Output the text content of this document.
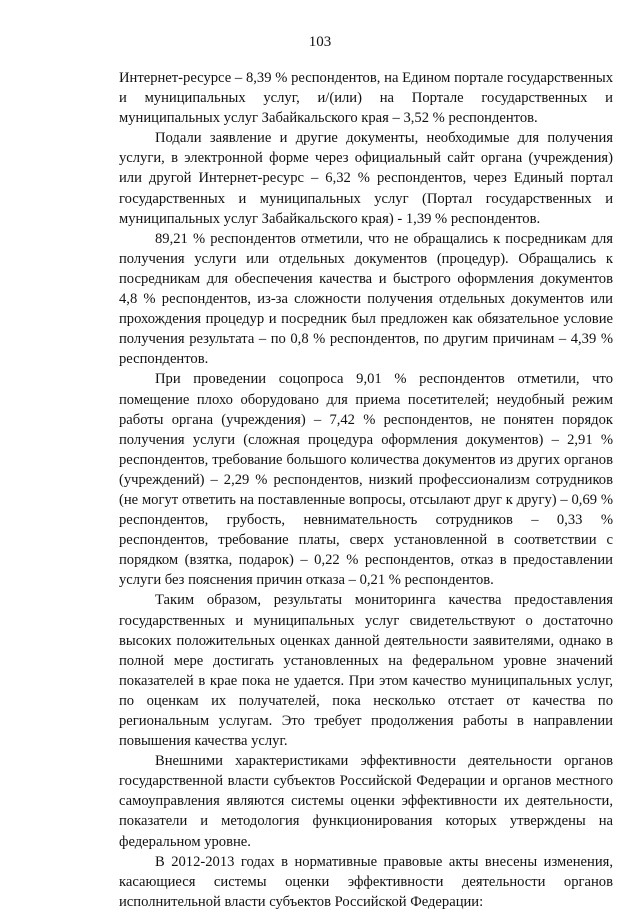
103

Интернет-ресурсе – 8,39 % респондентов, на Едином портале государственных и муниципальных услуг, и/(или) на Портале государственных и муниципальных услуг Забайкальского края – 3,52 % респондентов.

Подали заявление и другие документы, необходимые для получения услуги, в электронной форме через официальный сайт органа (учреждения) или другой Интернет-ресурс – 6,32 % респондентов, через Единый портал государственных и муниципальных услуг (Портал государственных и муниципальных услуг Забайкальского края) - 1,39 % респондентов.

89,21 % респондентов отметили, что не обращались к посредникам для получения услуги или отдельных документов (процедур). Обращались к посредникам для обеспечения качества и быстрого оформления документов 4,8 % респондентов, из-за сложности получения отдельных документов или прохождения процедур и посредник был предложен как обязательное условие получения результата – по 0,8 % респондентов, по другим причинам – 4,39 % респондентов.

При проведении соцопроса 9,01 % респондентов отметили, что помещение плохо оборудовано для приема посетителей; неудобный режим работы органа (учреждения) – 7,42 % респондентов, не понятен порядок получения услуги (сложная процедура оформления документов) – 2,91 % респондентов, требование большого количества документов из других органов (учреждений) – 2,29 % респондентов, низкий профессионализм сотрудников (не могут ответить на поставленные вопросы, отсылают друг к другу) – 0,69 % респондентов, грубость, невнимательность сотрудников – 0,33 % респондентов, требование платы, сверх установленной в соответствии с порядком (взятка, подарок) – 0,22 % респондентов, отказ в предоставлении услуги без пояснения причин отказа – 0,21 % респондентов.

Таким образом, результаты мониторинга качества предоставления государственных и муниципальных услуг свидетельствуют о достаточно высоких положительных оценках данной деятельности заявителями, однако в полной мере достигать установленных на федеральном уровне значений показателей в крае пока не удается. При этом качество муниципальных услуг, по оценкам их получателей, пока несколько отстает от качества по региональным услугам. Это требует продолжения работы в направлении повышения качества услуг.

Внешними характеристиками эффективности деятельности органов государственной власти субъектов Российской Федерации и органов местного самоуправления являются системы оценки эффективности их деятельности, показатели и методология функционирования которых утверждены на федеральном уровне.

В 2012-2013 годах в нормативные правовые акты внесены изменения, касающиеся системы оценки эффективности деятельности органов исполнительной власти субъектов Российской Федерации:
